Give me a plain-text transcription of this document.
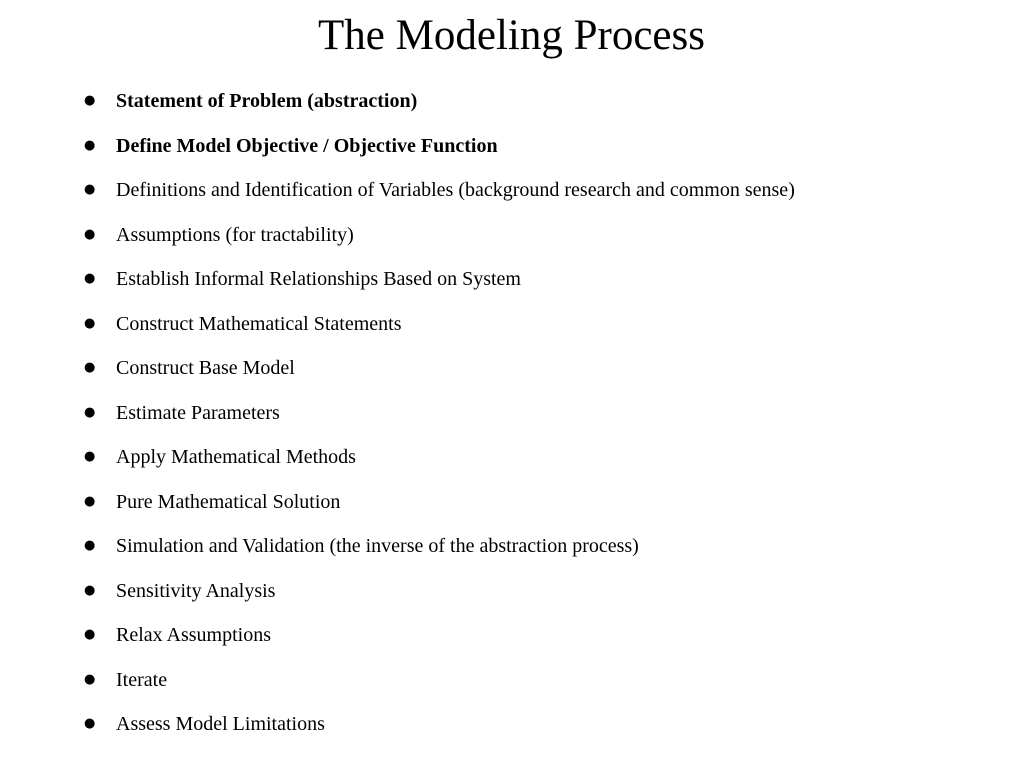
The Modeling Process
● Statement of Problem (abstraction)
● Define Model Objective / Objective Function
● Definitions and Identification of Variables (background research and common sense)
● Assumptions (for tractability)
● Establish Informal Relationships Based on System
● Construct Mathematical Statements
● Construct Base Model
● Estimate Parameters
● Apply Mathematical Methods
● Pure Mathematical Solution
● Simulation and Validation (the inverse of the abstraction process)
● Sensitivity Analysis
● Relax Assumptions
● Iterate
● Assess Model Limitations
